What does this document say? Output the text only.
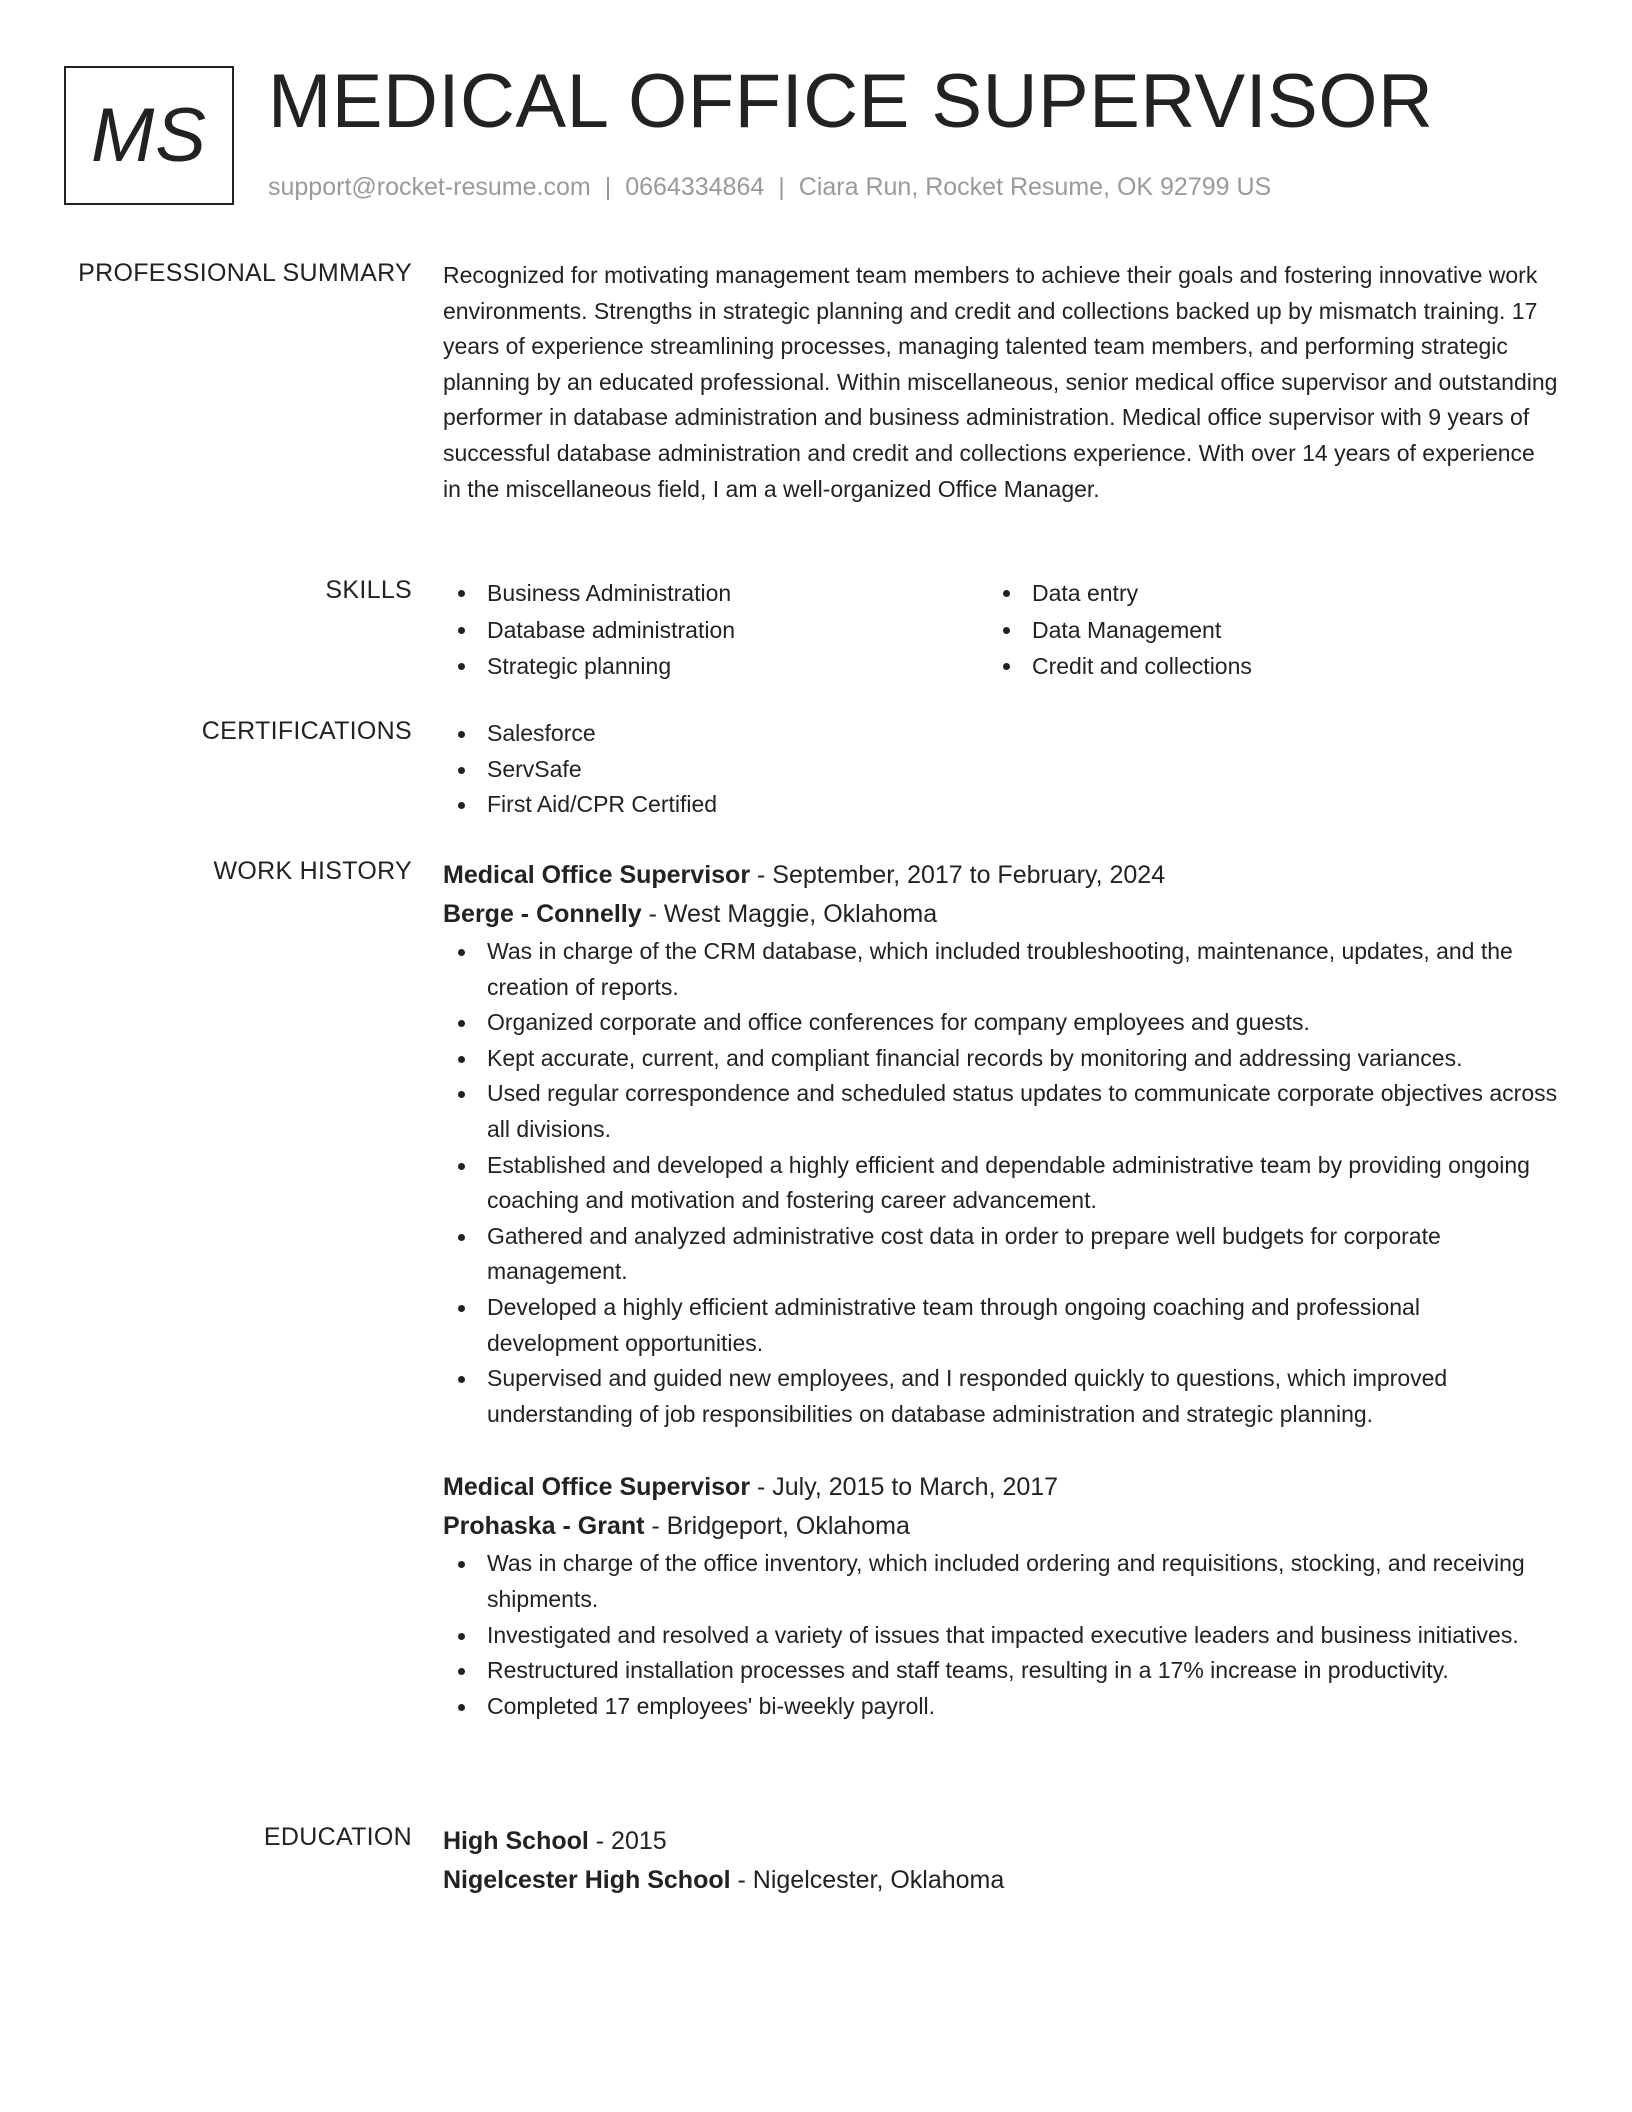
MS MEDICAL OFFICE SUPERVISOR
support@rocket-resume.com | 0664334864 | Ciara Run, Rocket Resume, OK 92799 US
PROFESSIONAL SUMMARY Recognized for motivating management team members to achieve their goals and fostering innovative work environments. Strengths in strategic planning and credit and collections backed up by mismatch training. 17 years of experience streamlining processes, managing talented team members, and performing strategic planning by an educated professional. Within miscellaneous, senior medical office supervisor and outstanding performer in database administration and business administration. Medical office supervisor with 9 years of successful database administration and credit and collections experience. With over 14 years of experience in the miscellaneous field, I am a well-organized Office Manager.

SKILLS	Business Administration
Database administration
Strategic planning
Data entry
Data Management
Credit and collections
CERTIFICATIONS	Salesforce
ServSafe
First Aid/CPR Certified
WORK HISTORY Medical Office Supervisor - September, 2017 to February, 2024
Berge - Connelly - West Maggie, Oklahoma
Was in charge of the CRM database, which included troubleshooting, maintenance, updates, and the creation of reports.
Organized corporate and office conferences for company employees and guests.
Kept accurate, current, and compliant financial records by monitoring and addressing variances.
Used regular correspondence and scheduled status updates to communicate corporate objectives across all divisions.
Established and developed a highly efficient and dependable administrative team by providing ongoing coaching and motivation and fostering career advancement.
Gathered and analyzed administrative cost data in order to prepare well budgets for corporate management.
Developed a highly efficient administrative team through ongoing coaching and professional development opportunities.
Supervised and guided new employees, and I responded quickly to questions, which improved understanding of job responsibilities on database administration and strategic planning.
Medical Office Supervisor - July, 2015 to March, 2017
Prohaska - Grant - Bridgeport, Oklahoma
Was in charge of the office inventory, which included ordering and requisitions, stocking, and receiving shipments.
Investigated and resolved a variety of issues that impacted executive leaders and business initiatives.
Restructured installation processes and staff teams, resulting in a 17% increase in productivity.
Completed 17 employees' bi-weekly payroll.
EDUCATION High School - 2015
Nigelcester High School - Nigelcester, Oklahoma
